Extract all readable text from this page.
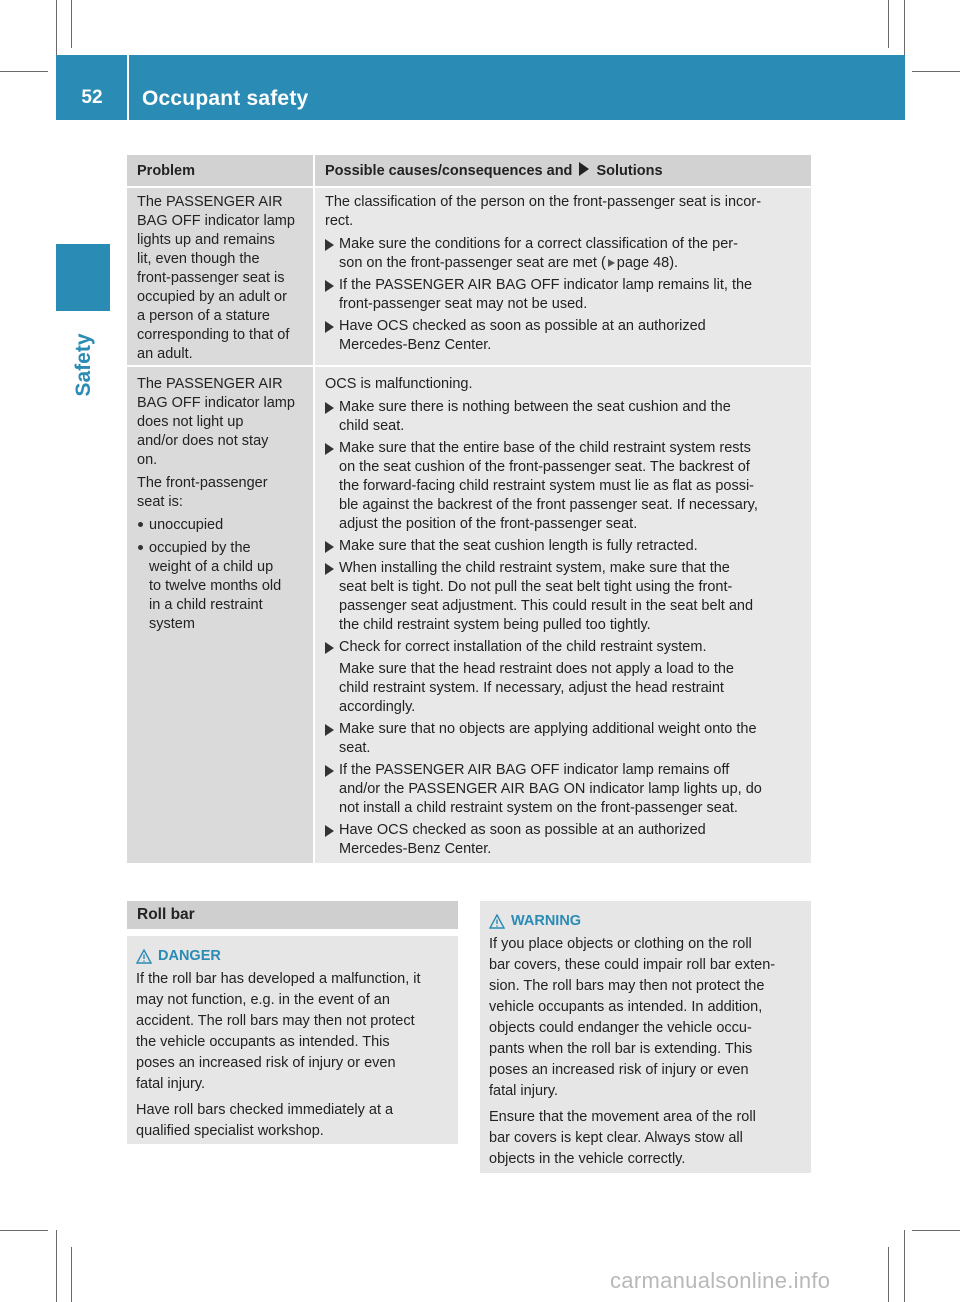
52	Occupant safety
Safety
Problem	Possible causes/consequences and Solutions

The PASSENGER AIR
BAG OFF indicator lamp
lights up and remains
lit, even though the
front-passenger seat is
occupied by an adult or
a person of a stature
corresponding to that of
an adult.

The classification of the person on the front-passenger seat is incor-
rect.

Make sure the conditions for a correct classification of the per-
son on the front-passenger seat are met ( page 48).
If the PASSENGER AIR BAG OFF indicator lamp remains lit, the
front-passenger seat may not be used.
Have OCS checked as soon as possible at an authorized
Mercedes-Benz Center.

The PASSENGER AIR
BAG OFF indicator lamp
does not light up
and/or does not stay
on.

The front-passenger
seat is:

unoccupied
occupied by the
weight of a child up
to twelve months old
in a child restraint
system

OCS is malfunctioning.

Make sure there is nothing between the seat cushion and the
child seat.
Make sure that the entire base of the child restraint system rests
on the seat cushion of the front-passenger seat. The backrest of
the forward-facing child restraint system must lie as flat as possi-
ble against the backrest of the front passenger seat. If necessary,
adjust the position of the front-passenger seat.
Make sure that the seat cushion length is fully retracted.
When installing the child restraint system, make sure that the
seat belt is tight. Do not pull the seat belt tight using the front-
passenger seat adjustment. This could result in the seat belt and
the child restraint system being pulled too tightly.
Check for correct installation of the child restraint system.
Make sure that the head restraint does not apply a load to the
child restraint system. If necessary, adjust the head restraint
accordingly.
Make sure that no objects are applying additional weight onto the
seat.
If the PASSENGER AIR BAG OFF indicator lamp remains off
and/or the PASSENGER AIR BAG ON indicator lamp lights up, do
not install a child restraint system on the front-passenger seat.
Have OCS checked as soon as possible at an authorized
Mercedes-Benz Center.
Roll bar
DANGER

If the roll bar has developed a malfunction, it
may not function, e.g. in the event of an
accident. The roll bars may then not protect
the vehicle occupants as intended. This
poses an increased risk of injury or even
fatal injury.

Have roll bars checked immediately at a
qualified specialist workshop.

WARNING

If you place objects or clothing on the roll
bar covers, these could impair roll bar exten-
sion. The roll bars may then not protect the
vehicle occupants as intended. In addition,
objects could endanger the vehicle occu-
pants when the roll bar is extending. This
poses an increased risk of injury or even
fatal injury.

Ensure that the movement area of the roll
bar covers is kept clear. Always stow all
objects in the vehicle correctly.

carmanualsonline.info
